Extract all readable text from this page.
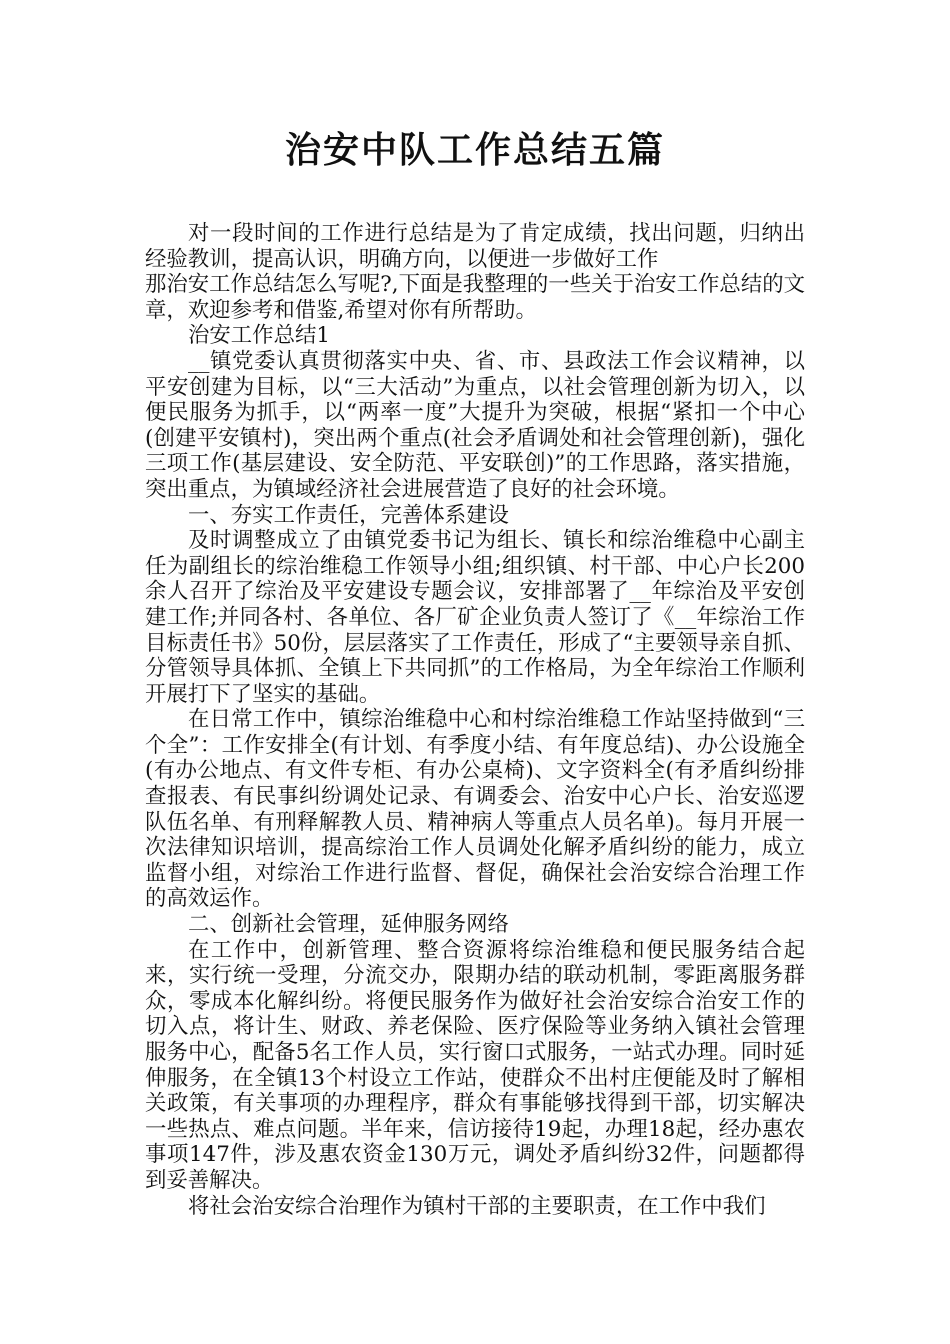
治安中队工作总结五篇

对一段时间的工作进行总结是为了肯定成绩，找出问题，归纳出经验教训，提高认识，明确方向，以便进一步做好工作

那治安工作总结怎么写呢?,下面是我整理的一些关于治安工作总结的文章，欢迎参考和借鉴,希望对你有所帮助。

治安工作总结1

__镇党委认真贯彻落实中央、省、市、县政法工作会议精神，以平安创建为目标，以“三大活动”为重点，以社会管理创新为切入，以便民服务为抓手，以“两率一度”大提升为突破，根据“紧扣一个中心(创建平安镇村)，突出两个重点(社会矛盾调处和社会管理创新)，强化三项工作(基层建设、安全防范、平安联创)”的工作思路，落实措施，突出重点，为镇域经济社会进展营造了良好的社会环境。

一、夯实工作责任，完善体系建设

及时调整成立了由镇党委书记为组长、镇长和综治维稳中心副主任为副组长的综治维稳工作领导小组;组织镇、村干部、中心户长200余人召开了综治及平安建设专题会议，安排部署了__年综治及平安创建工作;并同各村、各单位、各厂矿企业负责人签订了《__年综治工作目标责任书》50份，层层落实了工作责任，形成了“主要领导亲自抓、分管领导具体抓、全镇上下共同抓”的工作格局，为全年综治工作顺利开展打下了坚实的基础。

在日常工作中，镇综治维稳中心和村综治维稳工作站坚持做到“三个全”：工作安排全(有计划、有季度小结、有年度总结)、办公设施全(有办公地点、有文件专柜、有办公桌椅)、文字资料全(有矛盾纠纷排查报表、有民事纠纷调处记录、有调委会、治安中心户长、治安巡逻队伍名单、有刑释解教人员、精神病人等重点人员名单)。每月开展一次法律知识培训，提高综治工作人员调处化解矛盾纠纷的能力，成立监督小组，对综治工作进行监督、督促，确保社会治安综合治理工作的高效运作。

二、创新社会管理，延伸服务网络

在工作中，创新管理、整合资源将综治维稳和便民服务结合起来，实行统一受理，分流交办，限期办结的联动机制，零距离服务群众，零成本化解纠纷。将便民服务作为做好社会治安综合治安工作的切入点，将计生、财政、养老保险、医疗保险等业务纳入镇社会管理服务中心，配备5名工作人员，实行窗口式服务，一站式办理。同时延伸服务，在全镇13个村设立工作站，使群众不出村庄便能及时了解相关政策，有关事项的办理程序，群众有事能够找得到干部，切实解决一些热点、难点问题。半年来，信访接待19起，办理18起，经办惠农事项147件，涉及惠农资金130万元，调处矛盾纠纷32件，问题都得到妥善解决。

将社会治安综合治理作为镇村干部的主要职责，在工作中我们
